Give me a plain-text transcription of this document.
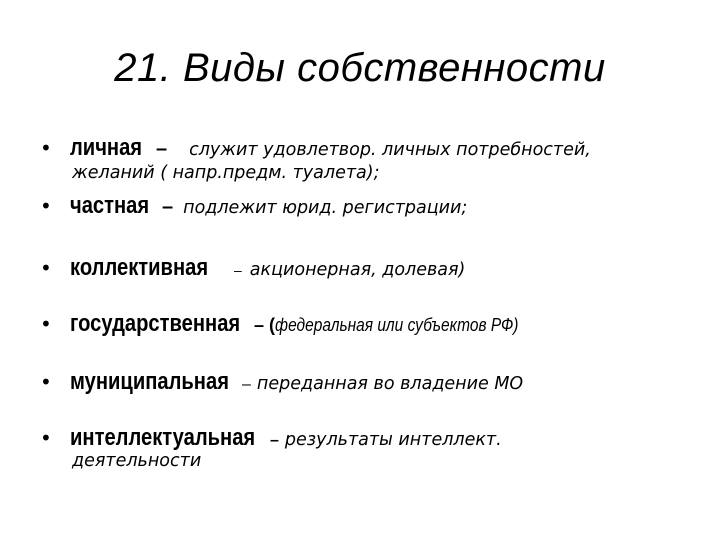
21. Виды собственности
• личная – служит удовлетвор. личных потребностей,
желаний ( напр.предм. туалета);
• частная – подлежит юрид. регистрации;
• коллективная – акционерная, долевая)
• государственная – (федеральная или субъектов РФ)
• муниципальная – переданная во владение МО
• интеллектуальная – результаты интеллект.
деятельности
